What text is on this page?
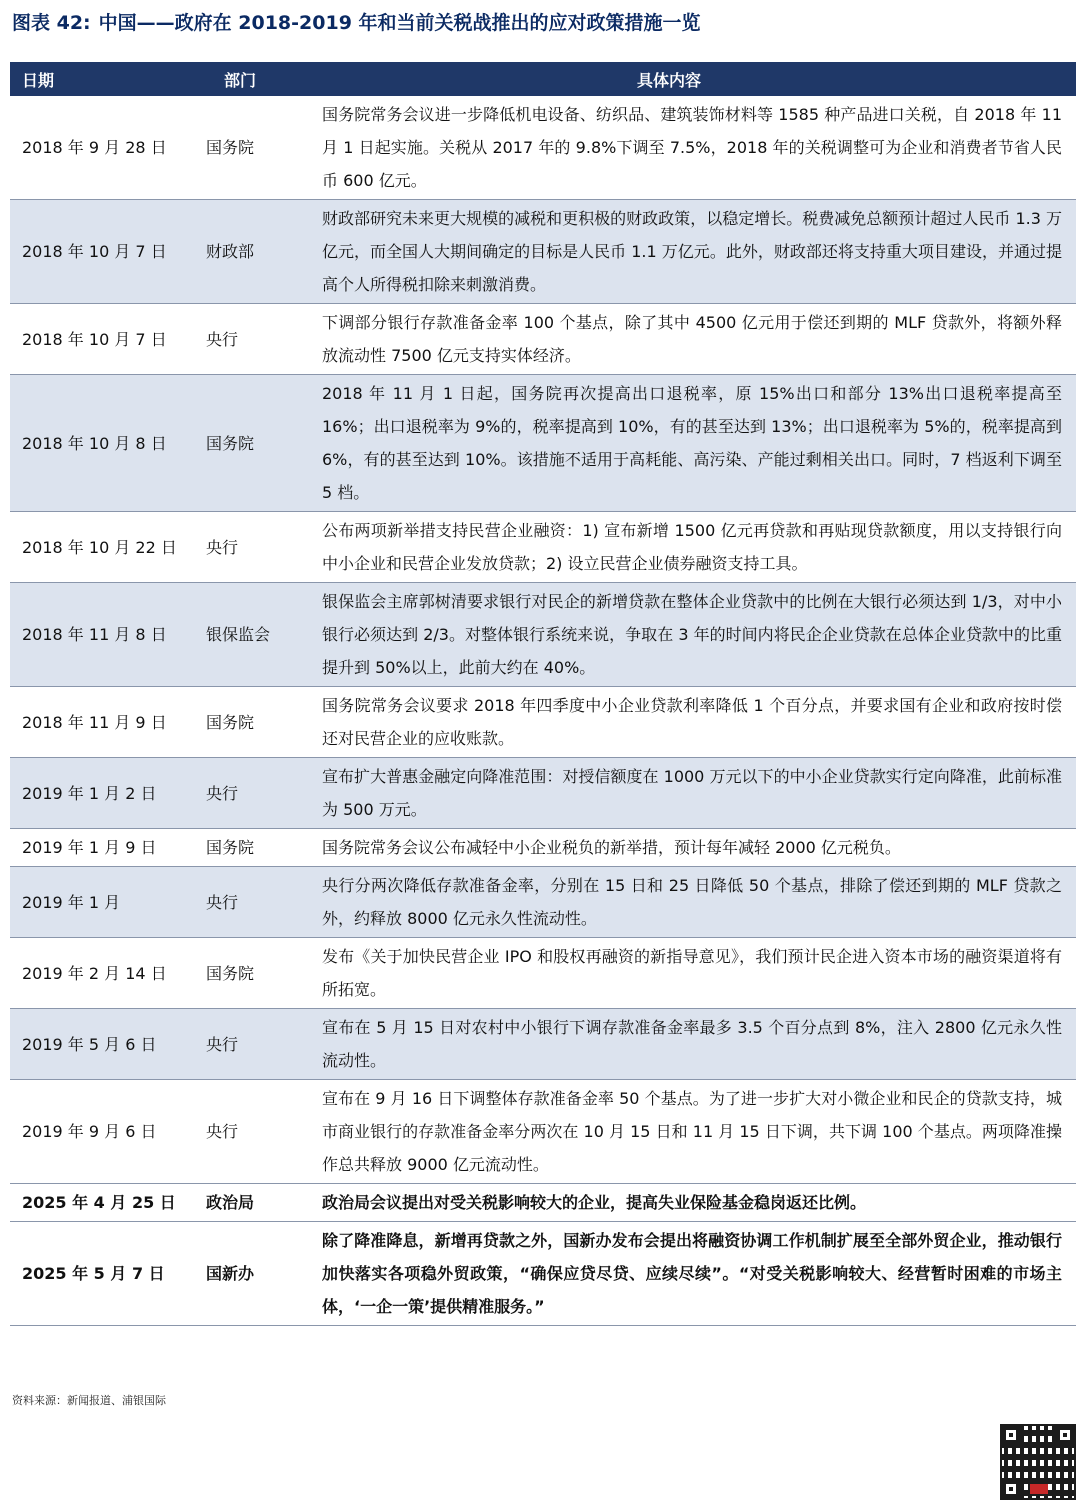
图表 42: 中国——政府在 2018-2019 年和当前关税战推出的应对政策措施一览
日期	部门	具体内容
2018 年 9 月 28 日	国务院	国务院常务会议进一步降低机电设备、纺织品、建筑装饰材料等 1585 种产品进口关税，自 2018 年 11 月 1 日起实施。关税从 2017 年的 9.8%下调至 7.5%，2018 年的关税调整可为企业和消费者节省人民币 600 亿元。
2018 年 10 月 7 日	财政部	财政部研究未来更大规模的减税和更积极的财政政策，以稳定增长。税费减免总额预计超过人民币 1.3 万亿元，而全国人大期间确定的目标是人民币 1.1 万亿元。此外，财政部还将支持重大项目建设，并通过提高个人所得税扣除来刺激消费。
2018 年 10 月 7 日	央行	下调部分银行存款准备金率 100 个基点，除了其中 4500 亿元用于偿还到期的 MLF 贷款外，将额外释放流动性 7500 亿元支持实体经济。
2018 年 10 月 8 日	国务院	2018 年 11 月 1 日起，国务院再次提高出口退税率，原 15%出口和部分 13%出口退税率提高至 16%；出口退税率为 9%的，税率提高到 10%，有的甚至达到 13%；出口退税率为 5%的，税率提高到 6%，有的甚至达到 10%。该措施不适用于高耗能、高污染、产能过剩相关出口。同时，7 档返利下调至 5 档。
2018 年 10 月 22 日	央行	公布两项新举措支持民营企业融资：1) 宣布新增 1500 亿元再贷款和再贴现贷款额度，用以支持银行向中小企业和民营企业发放贷款；2) 设立民营企业债券融资支持工具。
2018 年 11 月 8 日	银保监会	银保监会主席郭树清要求银行对民企的新增贷款在整体企业贷款中的比例在大银行必须达到 1/3，对中小银行必须达到 2/3。对整体银行系统来说，争取在 3 年的时间内将民企企业贷款在总体企业贷款中的比重提升到 50%以上，此前大约在 40%。
2018 年 11 月 9 日	国务院	国务院常务会议要求 2018 年四季度中小企业贷款利率降低 1 个百分点，并要求国有企业和政府按时偿还对民营企业的应收账款。
2019 年 1 月 2 日	央行	宣布扩大普惠金融定向降准范围：对授信额度在 1000 万元以下的中小企业贷款实行定向降准，此前标准为 500 万元。
2019 年 1 月 9 日	国务院	国务院常务会议公布减轻中小企业税负的新举措，预计每年减轻 2000 亿元税负。
2019 年 1 月	央行	央行分两次降低存款准备金率，分别在 15 日和 25 日降低 50 个基点，排除了偿还到期的 MLF 贷款之外，约释放 8000 亿元永久性流动性。
2019 年 2 月 14 日	国务院	发布《关于加快民营企业 IPO 和股权再融资的新指导意见》，我们预计民企进入资本市场的融资渠道将有所拓宽。
2019 年 5 月 6 日	央行	宣布在 5 月 15 日对农村中小银行下调存款准备金率最多 3.5 个百分点到 8%，注入 2800 亿元永久性流动性。
2019 年 9 月 6 日	央行	宣布在 9 月 16 日下调整体存款准备金率 50 个基点。为了进一步扩大对小微企业和民企的贷款支持，城市商业银行的存款准备金率分两次在 10 月 15 日和 11 月 15 日下调，共下调 100 个基点。两项降准操作总共释放 9000 亿元流动性。
2025 年 4 月 25 日	政治局	政治局会议提出对受关税影响较大的企业，提高失业保险基金稳岗返还比例。
2025 年 5 月 7 日	国新办	除了降准降息，新增再贷款之外，国新办发布会提出将融资协调工作机制扩展至全部外贸企业，推动银行加快落实各项稳外贸政策，“确保应贷尽贷、应续尽续”。“对受关税影响较大、经营暂时困难的市场主体，‘一企一策’提供精准服务。”
资料来源：新闻报道、浦银国际
